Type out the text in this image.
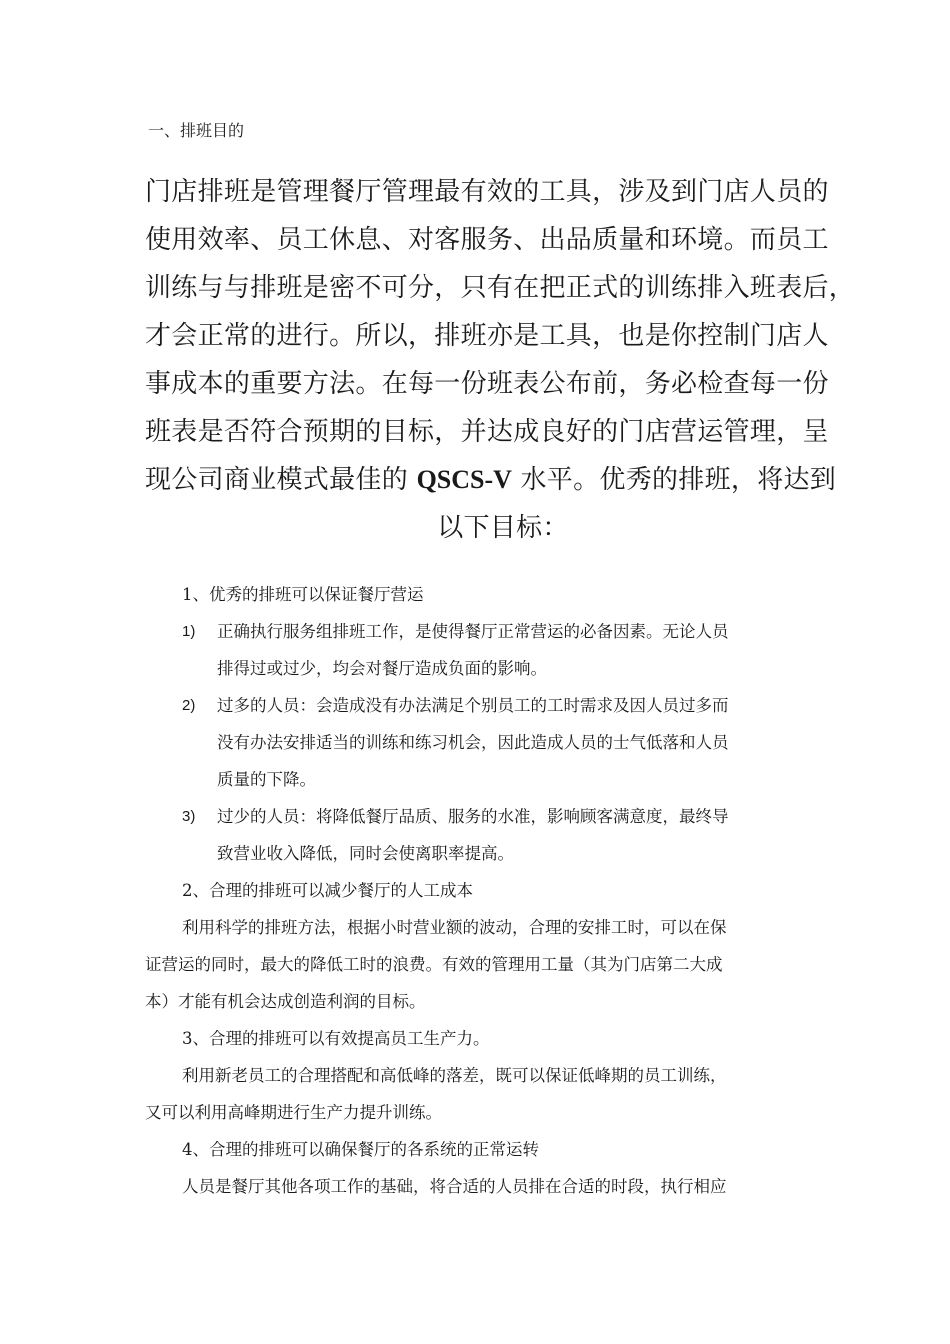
一、排班目的
门店排班是管理餐厅管理最有效的工具，涉及到门店人员的
使用效率、员工休息、对客服务、出品质量和环境。而员工
训练与与排班是密不可分，只有在把正式的训练排入班表后，
才会正常的进行。所以，排班亦是工具，也是你控制门店人
事成本的重要方法。在每一份班表公布前，务必检查每一份
班表是否符合预期的目标，并达成良好的门店营运管理，呈
现公司商业模式最佳的 QSCS-V 水平。优秀的排班，将达到
以下目标：
1、优秀的排班可以保证餐厅营运
1) 正确执行服务组排班工作，是使得餐厅正常营运的必备因素。无论人员
排得过或过少，均会对餐厅造成负面的影响。
2) 过多的人员：会造成没有办法满足个别员工的工时需求及因人员过多而
没有办法安排适当的训练和练习机会，因此造成人员的士气低落和人员
质量的下降。
3) 过少的人员：将降低餐厅品质、服务的水准，影响顾客满意度，最终导
致营业收入降低，同时会使离职率提高。
2、合理的排班可以减少餐厅的人工成本
利用科学的排班方法，根据小时营业额的波动，合理的安排工时，可以在保
证营运的同时，最大的降低工时的浪费。有效的管理用工量（其为门店第二大成
本）才能有机会达成创造利润的目标。
3、合理的排班可以有效提高员工生产力。
利用新老员工的合理搭配和高低峰的落差，既可以保证低峰期的员工训练，
又可以利用高峰期进行生产力提升训练。
4、合理的排班可以确保餐厅的各系统的正常运转
人员是餐厅其他各项工作的基础，将合适的人员排在合适的时段，执行相应
